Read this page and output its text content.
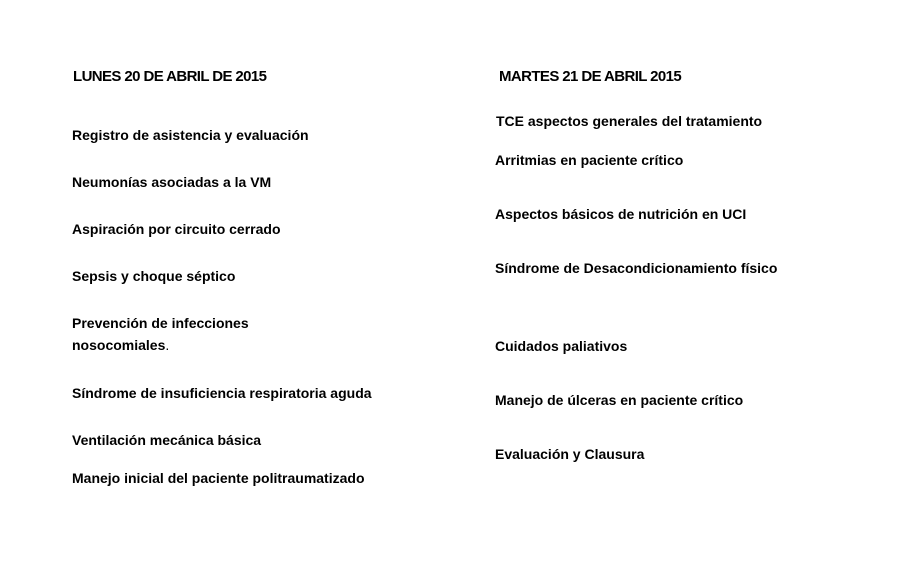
LUNES 20 DE ABRIL DE 2015

Registro de asistencia y evaluación

Neumonías asociadas a la VM

Aspiración por circuito cerrado

Sepsis y choque séptico

Prevención de infecciones

nosocomiales.

Síndrome de insuficiencia respiratoria aguda

Ventilación mecánica básica

Manejo inicial del paciente politraumatizado

MARTES 21 DE ABRIL 2015

TCE aspectos generales del tratamiento

Arritmias en paciente crítico

Aspectos básicos de nutrición en UCI

Síndrome de Desacondicionamiento físico

Cuidados paliativos

Manejo de úlceras en paciente crítico

Evaluación y Clausura
